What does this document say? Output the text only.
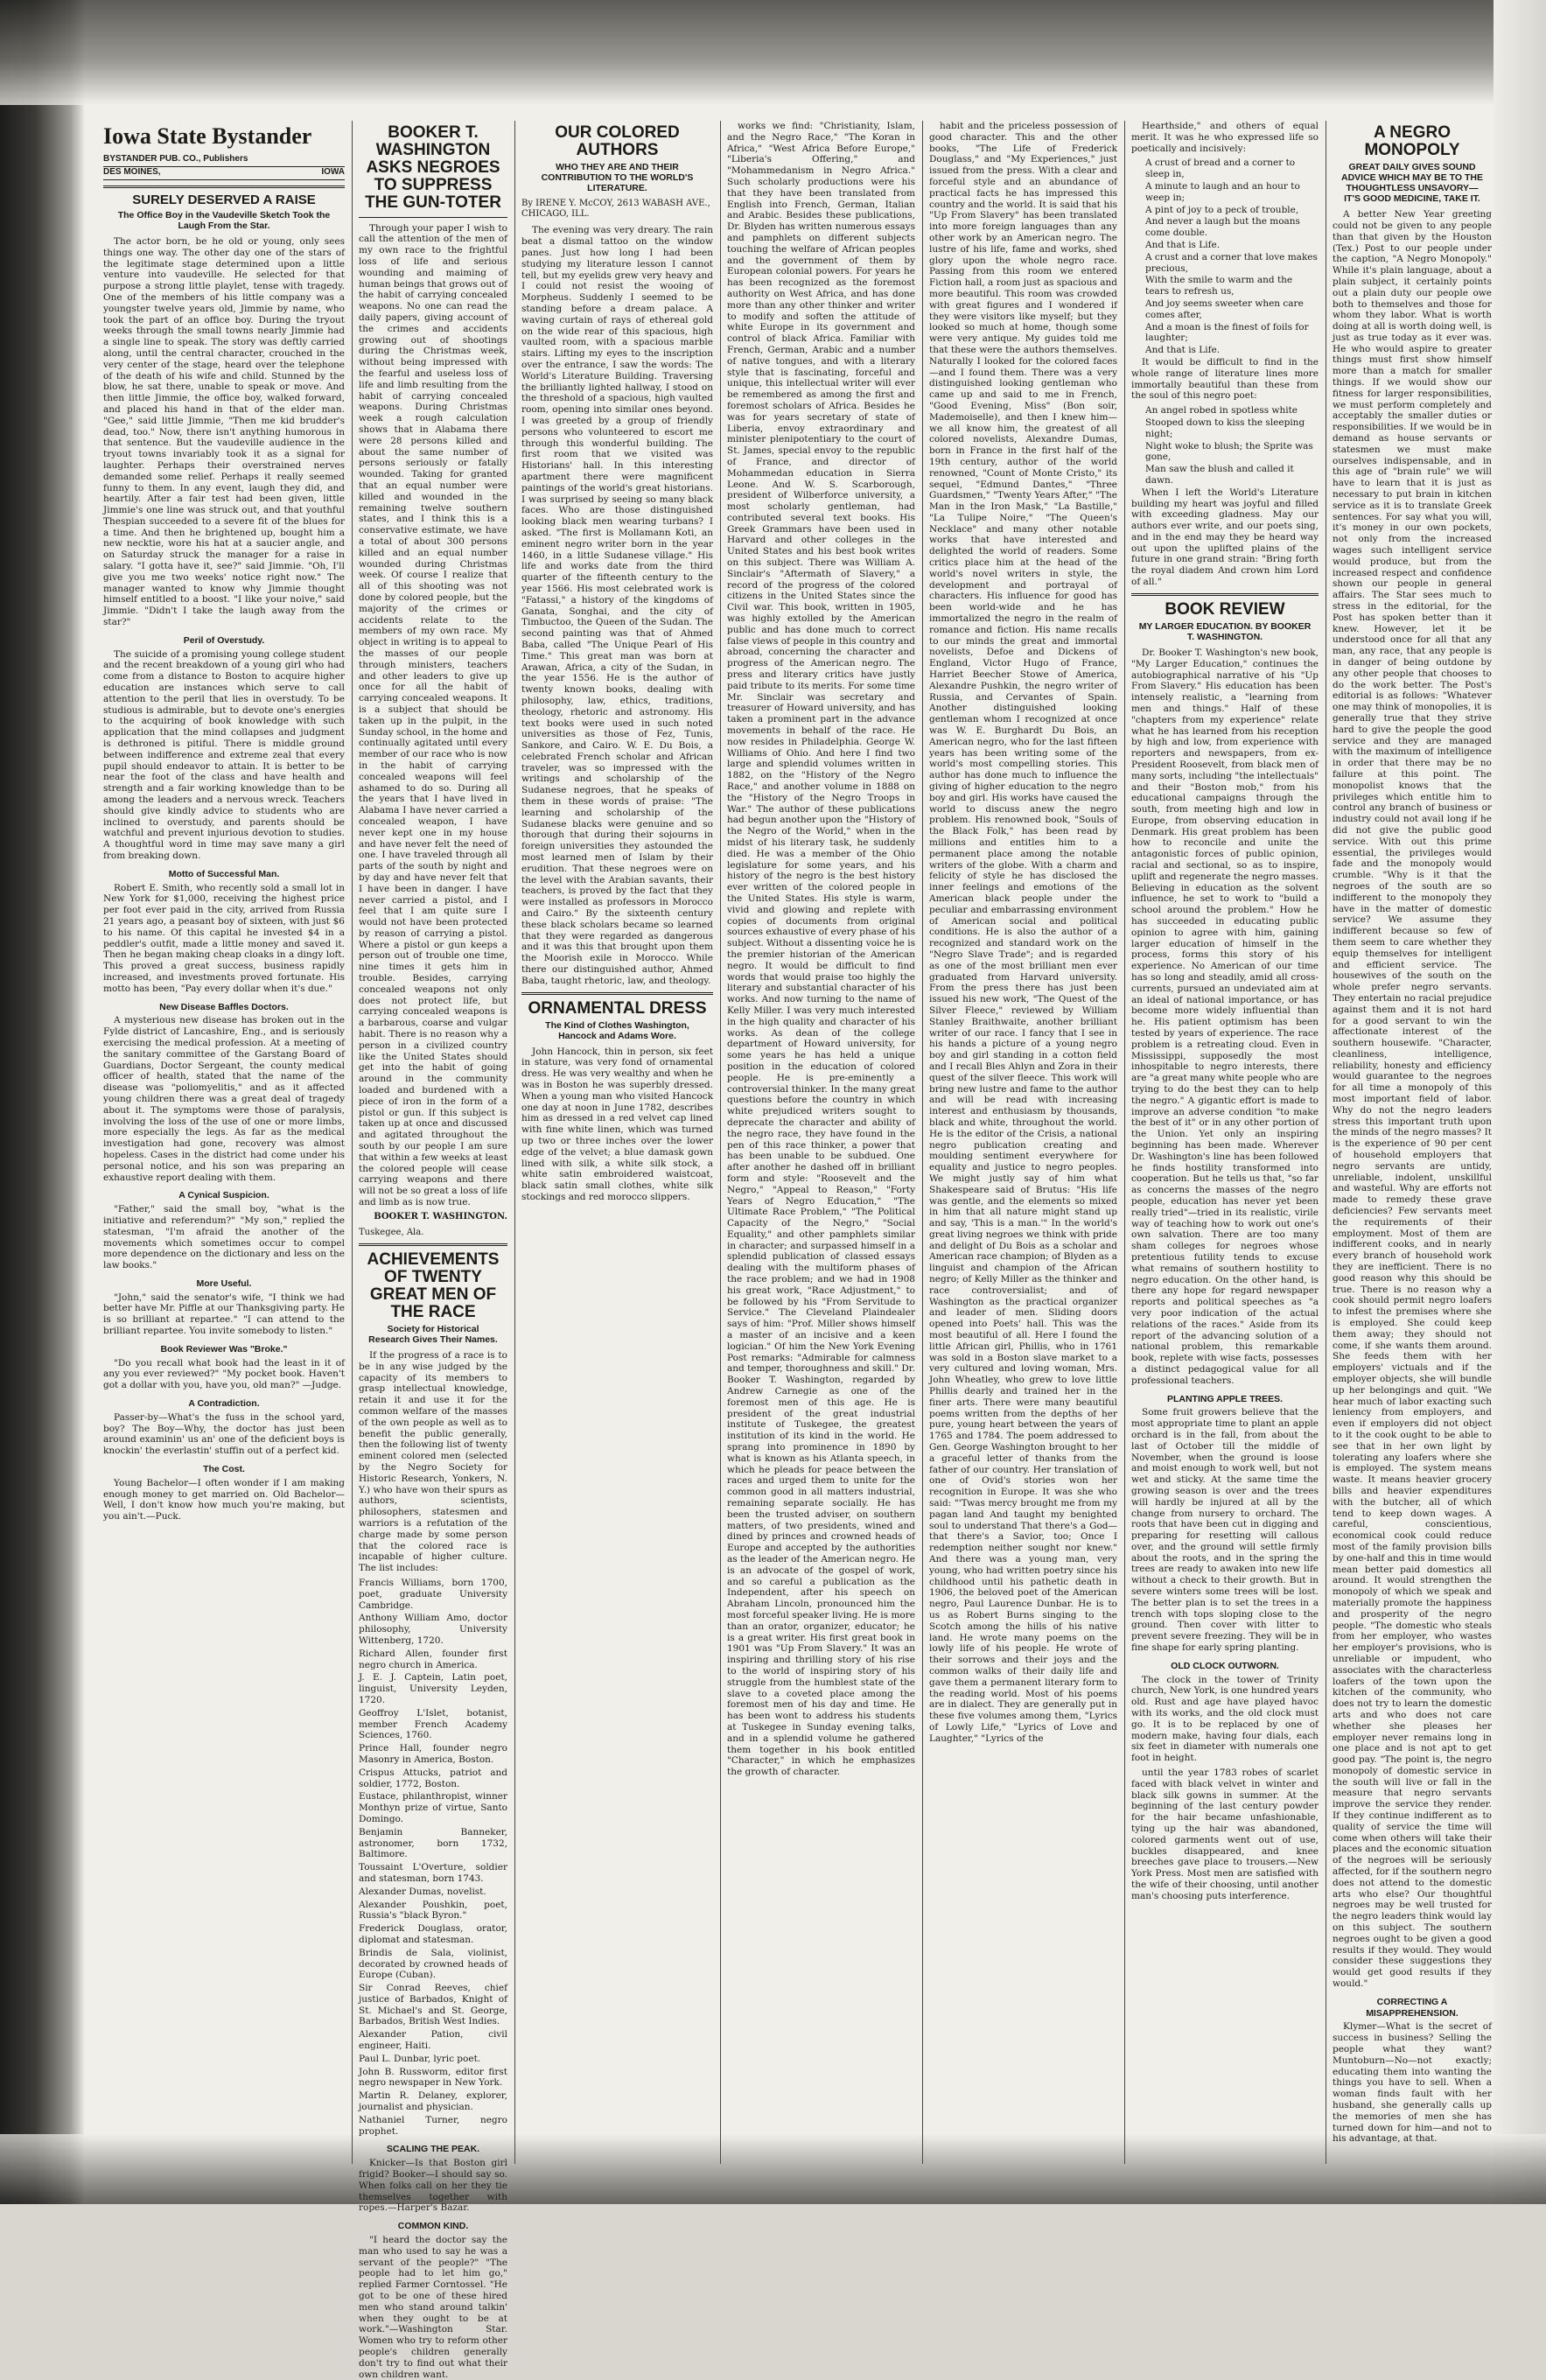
Iowa State Bystander
BYSTANDER PUB. CO., Publishers
DES MOINES,	IOWA
SURELY DESERVED A RAISE
The Office Boy in the Vaudeville Sketch Took the Laugh From the Star.

The actor born, be he old or young, only sees things one way. The other day one of the stars of the legitimate stage determined upon a little venture into vaudeville. He selected for that purpose a strong little playlet, tense with tragedy. One of the members of his little company was a youngster twelve years old, Jimmie by name, who took the part of an office boy. During the tryout weeks through the small towns nearly Jimmie had a single line to speak. The story was deftly carried along, until the central character, crouched in the very center of the stage, heard over the telephone of the death of his wife and child. Stunned by the blow, he sat there, unable to speak or move. And then little Jimmie, the office boy, walked forward, and placed his hand in that of the elder man. "Gee," said little Jimmie, "Then me kid brudder's dead, too." Now, there isn't anything humorous in that sentence. But the vaudeville audience in the tryout towns invariably took it as a signal for laughter. Perhaps their overstrained nerves demanded some relief. Perhaps it really seemed funny to them. In any event, laugh they did, and heartily. After a fair test had been given, little Jimmie's one line was struck out, and that youthful Thespian succeeded to a severe fit of the blues for a time. And then he brightened up, bought him a new necktie, wore his hat at a saucier angle, and on Saturday struck the manager for a raise in salary. "I gotta have it, see?" said Jimmie. "Oh, I'll give you me two weeks' notice right now." The manager wanted to know why Jimmie thought himself entitled to a boost. "I like your noive," said Jimmie. "Didn't I take the laugh away from the star?"

Peril of Overstudy.

The suicide of a promising young college student and the recent breakdown of a young girl who had come from a distance to Boston to acquire higher education are instances which serve to call attention to the peril that lies in overstudy. To be studious is admirable, but to devote one's energies to the acquiring of book knowledge with such application that the mind collapses and judgment is dethroned is pitiful. There is middle ground between indifference and extreme zeal that every pupil should endeavor to attain. It is better to be near the foot of the class and have health and strength and a fair working knowledge than to be among the leaders and a nervous wreck. Teachers should give kindly advice to students who are inclined to overstudy, and parents should be watchful and prevent injurious devotion to studies. A thoughtful word in time may save many a girl from breaking down.

Motto of Successful Man.

Robert E. Smith, who recently sold a small lot in New York for $1,000, receiving the highest price per foot ever paid in the city, arrived from Russia 21 years ago, a peasant boy of sixteen, with just $6 to his name. Of this capital he invested $4 in a peddler's outfit, made a little money and saved it. Then he began making cheap cloaks in a dingy loft. This proved a great success, business rapidly increased, and investments proved fortunate. His motto has been, "Pay every dollar when it's due."

New Disease Baffles Doctors.

A mysterious new disease has broken out in the Fylde district of Lancashire, Eng., and is seriously exercising the medical profession. At a meeting of the sanitary committee of the Garstang Board of Guardians, Doctor Sergeant, the county medical officer of health, stated that the name of the disease was "poliomyelitis," and as it affected young children there was a great deal of tragedy about it. The symptoms were those of paralysis, involving the loss of the use of one or more limbs, more especially the legs. As far as the medical investigation had gone, recovery was almost hopeless. Cases in the district had come under his personal notice, and his son was preparing an exhaustive report dealing with them.

A Cynical Suspicion.

"Father," said the small boy, "what is the initiative and referendum?" "My son," replied the statesman, "I'm afraid the another of the movements which sometimes occur to compel more dependence on the dictionary and less on the law books."

More Useful.

"John," said the senator's wife, "I think we had better have Mr. Piffle at our Thanksgiving party. He is so brilliant at repartee." "I can attend to the brilliant repartee. You invite somebody to listen."

Book Reviewer Was "Broke."

"Do you recall what book had the least in it of any you ever reviewed?" "My pocket book. Haven't got a dollar with you, have you, old man?" —Judge.

A Contradiction.

Passer-by—What's the fuss in the school yard, boy? The Boy—Why, the doctor has just been around examinin' us an' one of the deficient boys is knockin' the everlastin' stuffin out of a perfect kid.

The Cost.

Young Bachelor—I often wonder if I am making enough money to get married on. Old Bachelor—Well, I don't know how much you're making, but you ain't.—Puck.

BOOKER T. WASHINGTON ASKS NEGROES TO SUPPRESS THE GUN-TOTER

Through your paper I wish to call the attention of the men of my own race to the frightful loss of life and serious wounding and maiming of human beings that grows out of the habit of carrying concealed weapons. No one can read the daily papers, giving account of the crimes and accidents growing out of shootings during the Christmas week, without being impressed with the fearful and useless loss of life and limb resulting from the habit of carrying concealed weapons. During Christmas week a rough calculation shows that in Alabama there were 28 persons killed and about the same number of persons seriously or fatally wounded. Taking for granted that an equal number were killed and wounded in the remaining twelve southern states, and I think this is a conservative estimate, we have a total of about 300 persons killed and an equal number wounded during Christmas week. Of course I realize that all of this shooting was not done by colored people, but the majority of the crimes or accidents relate to the members of my own race. My object in writing is to appeal to the masses of our people through ministers, teachers and other leaders to give up once for all the habit of carrying concealed weapons. It is a subject that should be taken up in the pulpit, in the Sunday school, in the home and continually agitated until every member of our race who is now in the habit of carrying concealed weapons will feel ashamed to do so. During all the years that I have lived in Alabama I have never carried a concealed weapon, I have never kept one in my house and have never felt the need of one. I have traveled through all parts of the south by night and by day and have never felt that I have been in danger. I have never carried a pistol, and I feel that I am quite sure I would not have been protected by reason of carrying a pistol. Where a pistol or gun keeps a person out of trouble one time, nine times it gets him in trouble. Besides, carrying concealed weapons not only does not protect life, but carrying concealed weapons is a barbarous, coarse and vulgar habit. There is no reason why a person in a civilized country like the United States should get into the habit of going around in the community loaded and burdened with a piece of iron in the form of a pistol or gun. If this subject is taken up at once and discussed and agitated throughout the south by our people I am sure that within a few weeks at least the colored people will cease carrying weapons and there will not be so great a loss of life and limb as is now true.

BOOKER T. WASHINGTON.
Tuskegee, Ala.
ACHIEVEMENTS OF TWENTY GREAT MEN OF THE RACE
Society for Historical Research Gives Their Names.

If the progress of a race is to be in any wise judged by the capacity of its members to grasp intellectual knowledge, retain it and use it for the common welfare of the masses of the own people as well as to benefit the public generally, then the following list of twenty eminent colored men (selected by the Negro Society for Historic Research, Yonkers, N. Y.) who have won their spurs as authors, scientists, philosophers, statesmen and warriors is a refutation of the charge made by some person that the colored race is incapable of higher culture. The list includes:

Francis Williams, born 1700, poet, graduate University Cambridge.

Anthony William Amo, doctor philosophy, University Wittenberg, 1720.

Richard Allen, founder first negro church in America.

J. E. J. Captein, Latin poet, linguist, University Leyden, 1720.

Geoffroy L'Islet, botanist, member French Academy Sciences, 1760.

Prince Hall, founder negro Masonry in America, Boston.

Crispus Attucks, patriot and soldier, 1772, Boston.

Eustace, philanthropist, winner Monthyn prize of virtue, Santo Domingo.

Benjamin Banneker, astronomer, born 1732, Baltimore.

Toussaint L'Overture, soldier and statesman, born 1743.

Alexander Dumas, novelist.

Alexander Poushkin, poet, Russia's "black Byron."

Frederick Douglass, orator, diplomat and statesman.

Brindis de Sala, violinist, decorated by crowned heads of Europe (Cuban).

Sir Conrad Reeves, chief justice of Barbados, Knight of St. Michael's and St. George, Barbados, British West Indies.

Alexander Pation, civil engineer, Haiti.

Paul L. Dunbar, lyric poet.

John B. Russworm, editor first negro newspaper in New York.

Martin R. Delaney, explorer, journalist and physician.

Nathaniel Turner, negro prophet.

SCALING THE PEAK.

Knicker—Is that Boston girl frigid? Booker—I should say so. When folks call on her they tie themselves together with ropes.—Harper's Bazar.

COMMON KIND.

"I heard the doctor say the man who used to say he was a servant of the people?" "The people had to let him go," replied Farmer Corntossel. "He got to be one of these hired men who stand around talkin' when they ought to be at work."—Washington Star. Women who try to reform other people's children generally don't try to find out what their own children want.

OUR COLORED AUTHORS
WHO THEY ARE AND THEIR CONTRIBUTION TO THE WORLD'S LITERATURE.
By IRENE Y. McCOY, 2613 WABASH AVE., CHICAGO, ILL.

The evening was very dreary. The rain beat a dismal tattoo on the window panes. Just how long I had been studying my literature lesson I cannot tell, but my eyelids grew very heavy and I could not resist the wooing of Morpheus. Suddenly I seemed to be standing before a dream palace. A waving curtain of rays of ethereal gold on the wide rear of this spacious, high vaulted room, with a spacious marble stairs. Lifting my eyes to the inscription over the entrance, I saw the words: The World's Literature Building. Traversing the brilliantly lighted hallway, I stood on the threshold of a spacious, high vaulted room, opening into similar ones beyond. I was greeted by a group of friendly persons who volunteered to escort me through this wonderful building. The first room that we visited was Historians' hall. In this interesting apartment there were magnificent paintings of the world's great historians. I was surprised by seeing so many black faces. Who are those distinguished looking black men wearing turbans? I asked. "The first is Mollamann Koti, an eminent negro writer born in the year 1460, in a little Sudanese village." His life and works date from the third quarter of the fifteenth century to the year 1566. His most celebrated work is "Fatassi," a history of the kingdoms of Ganata, Songhai, and the city of Timbuctoo, the Queen of the Sudan. The second painting was that of Ahmed Baba, called "The Unique Pearl of His Time." This great man was born at Arawan, Africa, a city of the Sudan, in the year 1556. He is the author of twenty known books, dealing with philosophy, law, ethics, traditions, theology, rhetoric and astronomy. His text books were used in such noted universities as those of Fez, Tunis, Sankore, and Cairo. W. E. Du Bois, a celebrated French scholar and African traveler, was so impressed with the writings and scholarship of the Sudanese negroes, that he speaks of them in these words of praise: "The learning and scholarship of the Sudanese blacks were genuine and so thorough that during their sojourns in foreign universities they astounded the most learned men of Islam by their erudition. That these negroes were on the level with the Arabian savants, their teachers, is proved by the fact that they were installed as professors in Morocco and Cairo." By the sixteenth century these black scholars became so learned that they were regarded as dangerous and it was this that brought upon them the Moorish exile in Morocco. While there our distinguished author, Ahmed Baba, taught rhetoric, law, and theology.

ORNAMENTAL DRESS
The Kind of Clothes Washington, Hancock and Adams Wore.

John Hancock, thin in person, six feet in stature, was very fond of ornamental dress. He was very wealthy and when he was in Boston he was superbly dressed. When a young man who visited Hancock one day at noon in June 1782, describes him as dressed in a red velvet cap lined with fine white linen, which was turned up two or three inches over the lower edge of the velvet; a blue damask gown lined with silk, a white silk stock, a white satin embroidered waistcoat, black satin small clothes, white silk stockings and red morocco slippers.

works we find: "Christianity, Islam, and the Negro Race," "The Koran in Africa," "West Africa Before Europe," "Liberia's Offering," and "Mohammedanism in Negro Africa." Such scholarly productions were his that they have been translated from English into French, German, Italian and Arabic. Besides these publications, Dr. Blyden has written numerous essays and pamphlets on different subjects touching the welfare of African peoples and the government of them by European colonial powers. For years he has been recognized as the foremost authority on West Africa, and has done more than any other thinker and writer to modify and soften the attitude of white Europe in its government and control of black Africa. Familiar with French, German, Arabic and a number of native tongues, and with a literary style that is fascinating, forceful and unique, this intellectual writer will ever be remembered as among the first and foremost scholars of Africa. Besides he was for years secretary of state of Liberia, envoy extraordinary and minister plenipotentiary to the court of St. James, special envoy to the republic of France, and director of Mohammedan education in Sierra Leone. And W. S. Scarborough, president of Wilberforce university, a most scholarly gentleman, had contributed several text books. His Greek Grammars have been used in Harvard and other colleges in the United States and his best book writes on this subject. There was William A. Sinclair's "Aftermath of Slavery," a record of the progress of the colored citizens in the United States since the Civil war. This book, written in 1905, was highly extolled by the American public and has done much to correct false views of people in this country and abroad, concerning the character and progress of the American negro. The press and literary critics have justly paid tribute to its merits. For some time Mr. Sinclair was secretary and treasurer of Howard university, and has taken a prominent part in the advance movements in behalf of the race. He now resides in Philadelphia. George W. Williams of Ohio. And here I find two large and splendid volumes written in 1882, on the "History of the Negro Race," and another volume in 1888 on the "History of the Negro Troops in War." The author of these publications had begun another upon the "History of the Negro of the World," when in the midst of his literary task, he suddenly died. He was a member of the Ohio legislature for some years, and his history of the negro is the best history ever written of the colored people in the United States. His style is warm, vivid and glowing and replete with copies of documents from original sources exhaustive of every phase of his subject. Without a dissenting voice he is the premier historian of the American negro. It would be difficult to find words that would praise too highly the literary and substantial character of his works. And now turning to the name of Kelly Miller. I was very much interested in the high quality and character of his works. As dean of the college department of Howard university, for some years he has held a unique position in the education of colored people. He is pre-eminently a controversial thinker. In the many great questions before the country in which white prejudiced writers sought to deprecate the character and ability of the negro race, they have found in the pen of this race thinker, a power that has been unable to be subdued. One after another he dashed off in brilliant form and style: "Roosevelt and the Negro," "Appeal to Reason," "Forty Years of Negro Education," "The Ultimate Race Problem," "The Political Capacity of the Negro," "Social Equality," and other pamphlets similar in character; and surpassed himself in a splendid publication of classed essays dealing with the multiform phases of the race problem; and we had in 1908 his great work, "Race Adjustment," to be followed by his "From Servitude to Service." The Cleveland Plaindealer says of him: "Prof. Miller shows himself a master of an incisive and a keen logician." Of him the New York Evening Post remarks: "Admirable for calmness and temper, thoroughness and skill." Dr. Booker T. Washington, regarded by Andrew Carnegie as one of the foremost men of this age. He is president of the great industrial institute of Tuskegee, the greatest institution of its kind in the world. He sprang into prominence in 1890 by what is known as his Atlanta speech, in which he pleads for peace between the races and urged them to unite for the common good in all matters industrial, remaining separate socially. He has been the trusted adviser, on southern matters, of two presidents, wined and dined by princes and crowned heads of Europe and accepted by the authorities as the leader of the American negro. He is an advocate of the gospel of work, and so careful a publication as the Independent, after his speech on Abraham Lincoln, pronounced him the most forceful speaker living. He is more than an orator, organizer, educator; he is a great writer. His first great book in 1901 was "Up From Slavery." It was an inspiring and thrilling story of his rise to the world of inspiring story of his struggle from the humblest state of the slave to a coveted place among the foremost men of his day and time. He has been wont to address his students at Tuskegee in Sunday evening talks, and in a splendid volume he gathered them together in his book entitled "Character," in which he emphasizes the growth of character.

habit and the priceless possession of good character. This and the other books, "The Life of Frederick Douglass," and "My Experiences," just issued from the press. With a clear and forceful style and an abundance of practical facts he has impressed this country and the world. It is said that his "Up From Slavery" has been translated into more foreign languages than any other work by an American negro. The lustre of his life, fame and works, shed glory upon the whole negro race. Passing from this room we entered Fiction hall, a room just as spacious and more beautiful. This room was crowded with great figures and I wondered if they were visitors like myself; but they looked so much at home, though some were very antique. My guides told me that these were the authors themselves. Naturally I looked for the colored faces—and I found them. There was a very distinguished looking gentleman who came up and said to me in French, "Good Evening, Miss" (Bon soir, Mademoiselle), and then I knew him—we all know him, the greatest of all colored novelists, Alexandre Dumas, born in France in the first half of the 19th century, author of the world renowned, "Count of Monte Cristo," its sequel, "Edmund Dantes," "Three Guardsmen," "Twenty Years After," "The Man in the Iron Mask," "La Bastille," "La Tulipe Noire," "The Queen's Necklace" and many other notable works that have interested and delighted the world of readers. Some critics place him at the head of the world's novel writers in style, the development and portrayal of characters. His influence for good has been world-wide and he has immortalized the negro in the realm of romance and fiction. His name recalls to our minds the great and immortal novelists, Defoe and Dickens of England, Victor Hugo of France, Harriet Beecher Stowe of America, Alexandre Pushkin, the negro writer of Russia, and Cervantes of Spain. Another distinguished looking gentleman whom I recognized at once was W. E. Burghardt Du Bois, an American negro, who for the last fifteen years has been writing some of the world's most compelling stories. This author has done much to influence the giving of higher education to the negro boy and girl. His works have caused the world to discuss anew the negro problem. His renowned book, "Souls of the Black Folk," has been read by millions and entitles him to a permanent place among the notable writers of the globe. With a charm and felicity of style he has disclosed the inner feelings and emotions of the American black people under the peculiar and embarrassing environment of American social and political conditions. He is also the author of a recognized and standard work on the "Negro Slave Trade"; and is regarded as one of the most brilliant men ever graduated from Harvard university. From the press there has just been issued his new work, "The Quest of the Silver Fleece," reviewed by William Stanley Braithwaite, another brilliant writer of our race. I fancy that I see in his hands a picture of a young negro boy and girl standing in a cotton field and I recall Bles Ahlyn and Zora in their quest of the silver fleece. This work will bring new lustre and fame to the author and will be read with increasing interest and enthusiasm by thousands, black and white, throughout the world. He is the editor of the Crisis, a national negro publication creating and moulding sentiment everywhere for equality and justice to negro peoples. We might justly say of him what Shakespeare said of Brutus: "His life was gentle, and the elements so mixed in him that all nature might stand up and say, 'This is a man.'" In the world's great living negroes we think with pride and delight of Du Bois as a scholar and American race champion; of Blyden as a linguist and champion of the African negro; of Kelly Miller as the thinker and race controversialist; and of Washington as the practical organizer and leader of men. Sliding doors opened into Poets' hall. This was the most beautiful of all. Here I found the little African girl, Phillis, who in 1761 was sold in a Boston slave market to a very cultured and loving woman, Mrs. John Wheatley, who grew to love little Phillis dearly and trained her in the finer arts. There were many beautiful poems written from the depths of her pure, young heart between the years of 1765 and 1784. The poem addressed to Gen. George Washington brought to her a graceful letter of thanks from the father of our country. Her translation of one of Ovid's stories won her recognition in Europe. It was she who said: "'Twas mercy brought me from my pagan land And taught my benighted soul to understand That there's a God—that there's a Savior, too; Once I redemption neither sought nor knew." And there was a young man, very young, who had written poetry since his childhood until his pathetic death in 1906, the beloved poet of the American negro, Paul Laurence Dunbar. He is to us as Robert Burns singing to the Scotch among the hills of his native land. He wrote many poems on the lowly life of his people. He wrote of their sorrows and their joys and the common walks of their daily life and gave them a permanent literary form to the reading world. Most of his poems are in dialect. They are generally put in these five volumes among them, "Lyrics of Lowly Life," "Lyrics of Love and Laughter," "Lyrics of the

Hearthside," and others of equal merit. It was he who expressed life so poetically and incisively:

A crust of bread and a corner to sleep in,

A minute to laugh and an hour to weep in;

A pint of joy to a peck of trouble,

And never a laugh but the moans come double.

And that is Life.

A crust and a corner that love makes precious,

With the smile to warm and the tears to refresh us,

And joy seems sweeter when care comes after,

And a moan is the finest of foils for laughter;

And that is Life.

It would be difficult to find in the whole range of literature lines more immortally beautiful than these from the soul of this negro poet:

An angel robed in spotless white

Stooped down to kiss the sleeping night;

Night woke to blush; the Sprite was gone,

Man saw the blush and called it dawn.

When I left the World's Literature building my heart was joyful and filled with exceeding gladness. May our authors ever write, and our poets sing, and in the end may they be heard way out upon the uplifted plains of the future in one grand strain: "Bring forth the royal diadem And crown him Lord of all."

BOOK REVIEW
MY LARGER EDUCATION. BY BOOKER T. WASHINGTON.

Dr. Booker T. Washington's new book, "My Larger Education," continues the autobiographical narrative of his "Up From Slavery." His education has been intensely realistic, a "learning from men and things." Half of these "chapters from my experience" relate what he has learned from his reception by high and low, from experience with reporters and newspapers, from ex-President Roosevelt, from black men of many sorts, including "the intellectuals" and their "Boston mob," from his educational campaigns through the south, from meeting high and low in Europe, from observing education in Denmark. His great problem has been how to reconcile and unite the antagonistic forces of public opinion, racial and sectional, so as to inspire, uplift and regenerate the negro masses. Believing in education as the solvent influence, he set to work to "build a school around the problem." How he has succeeded in educating public opinion to agree with him, gaining larger education of himself in the process, forms this story of his experience. No American of our time has so long and steadily, amid all cross-currents, pursued an undeviated aim at an ideal of national importance, or has become more widely influential than he. His patient optimism has been tested by years of experience. The race problem is a retreating cloud. Even in Mississippi, supposedly the most inhospitable to negro interests, there are "a great many white people who are trying to do the best they can to help the negro." A gigantic effort is made to improve an adverse condition "to make the best of it" or in any other portion of the Union. Yet only an inspiring beginning has been made. Wherever Dr. Washington's line has been followed he finds hostility transformed into cooperation. But he tells us that, "so far as concerns the masses of the negro people, education has never yet been really tried"—tried in its realistic, virile way of teaching how to work out one's own salvation. There are too many sham colleges for negroes whose pretentious futility tends to excuse what remains of southern hostility to negro education. On the other hand, is there any hope for regard newspaper reports and political speeches as "a very poor indication of the actual relations of the races." Aside from its report of the advancing solution of a national problem, this remarkable book, replete with wise facts, possesses a distinct pedagogical value for all professional teachers.

PLANTING APPLE TREES.

Some fruit growers believe that the most appropriate time to plant an apple orchard is in the fall, from about the last of October till the middle of November, when the ground is loose and moist enough to work well, but not wet and sticky. At the same time the growing season is over and the trees will hardly be injured at all by the change from nursery to orchard. The roots that have been cut in digging and preparing for resetting will callous over, and the ground will settle firmly about the roots, and in the spring the trees are ready to awaken into new life without a check to their growth. But in severe winters some trees will be lost. The better plan is to set the trees in a trench with tops sloping close to the ground. Then cover with litter to prevent severe freezing. They will be in fine shape for early spring planting.

OLD CLOCK OUTWORN.

The clock in the tower of Trinity church, New York, is one hundred years old. Rust and age have played havoc with its works, and the old clock must go. It is to be replaced by one of modern make, having four dials, each six feet in diameter with numerals one foot in height.

until the year 1783 robes of scarlet faced with black velvet in winter and black silk gowns in summer. At the beginning of the last century powder for the hair became unfashionable, tying up the hair was abandoned, colored garments went out of use, buckles disappeared, and knee breeches gave place to trousers.—New York Press. Most men are satisfied with the wife of their choosing, until another man's choosing puts interference.

A NEGRO MONOPOLY
GREAT DAILY GIVES SOUND ADVICE WHICH MAY BE TO THE THOUGHTLESS UNSAVORY—IT'S GOOD MEDICINE, TAKE IT.

A better New Year greeting could not be given to any people than that given by the Houston (Tex.) Post to our people under the caption, "A Negro Monopoly." While it's plain language, about a plain subject, it certainly points out a plain duty our people owe both to themselves and those for whom they labor. What is worth doing at all is worth doing well, is just as true today as it ever was. He who would aspire to greater things must first show himself more than a match for smaller things. If we would show our fitness for larger responsibilities, we must perform completely and acceptably the smaller duties or responsibilities. If we would be in demand as house servants or statesmen we must make ourselves indispensable, and in this age of "brain rule" we will have to learn that it is just as necessary to put brain in kitchen service as it is to translate Greek sentences. For say what you will, it's money in our own pockets, not only from the increased wages such intelligent service would produce, but from the increased respect and confidence shown our people in general affairs. The Star sees much to stress in the editorial, for the Post has spoken better than it knew. However, let it be understood once for all that any man, any race, that any people is in danger of being outdone by any other people that chooses to do the work better. The Post's editorial is as follows: "Whatever one may think of monopolies, it is generally true that they strive hard to give the people the good service and they are managed with the maximum of intelligence in order that there may be no failure at this point. The monopolist knows that the privileges which entitle him to control any branch of business or industry could not avail long if he did not give the public good service. With out this prime essential, the privileges would fade and the monopoly would crumble. "Why is it that the negroes of the south are so indifferent to the monopoly they have in the matter of domestic service? We assume they indifferent because so few of them seem to care whether they equip themselves for intelligent and efficient service. The housewives of the south on the whole prefer negro servants. They entertain no racial prejudice against them and it is not hard for a good servant to win the affectionate interest of the southern housewife. "Character, cleanliness, intelligence, reliability, honesty and efficiency would guarantee to the negroes for all time a monopoly of this most important field of labor. Why do not the negro leaders stress this important truth upon the minds of the negro masses? It is the experience of 90 per cent of household employers that negro servants are untidy, unreliable, indolent, unskillful and wasteful. Why are efforts not made to remedy these grave deficiencies? Few servants meet the requirements of their employment. Most of them are indifferent cooks, and in nearly every branch of household work they are inefficient. There is no good reason why this should be true. There is no reason why a cook should permit negro loafers to infest the premises where she is employed. She could keep them away; they should not come, if she wants them around. She feeds them with her employers' victuals and if the employer objects, she will bundle up her belongings and quit. "We hear much of labor exacting such leniency from employers, and even if employers did not object to it the cook ought to be able to see that in her own light by tolerating any loafers where she is employed. The system means waste. It means heavier grocery bills and heavier expenditures with the butcher, all of which tend to keep down wages. A careful, conscientious, economical cook could reduce most of the family provision bills by one-half and this in time would mean better paid domestics all around. It would strengthen the monopoly of which we speak and materially promote the happiness and prosperity of the negro people. "The domestic who steals from her employer, who wastes her employer's provisions, who is unreliable or impudent, who associates with the characterless loafers of the town upon the kitchen of the community, who does not try to learn the domestic arts and who does not care whether she pleases her employer never remains long in one place and is not apt to get good pay. "The point is, the negro monopoly of domestic service in the south will live or fall in the measure that negro servants improve the service they render. If they continue indifferent as to quality of service the time will come when others will take their places and the economic situation of the negroes will be seriously affected, for if the southern negro does not attend to the domestic arts who else? Our thoughtful negroes may be well trusted for the negro leaders think would lay on this subject. The southern negroes ought to be given a good results if they would. They would consider these suggestions they would get good results if they would."

CORRECTING A MISAPPREHENSION.

Klymer—What is the secret of success in business? Selling the people what they want? Muntoburn—No—not exactly; educating them into wanting the things you have to sell. When a woman finds fault with her husband, she generally calls up the memories of men she has turned down for him—and not to his advantage, at that.
